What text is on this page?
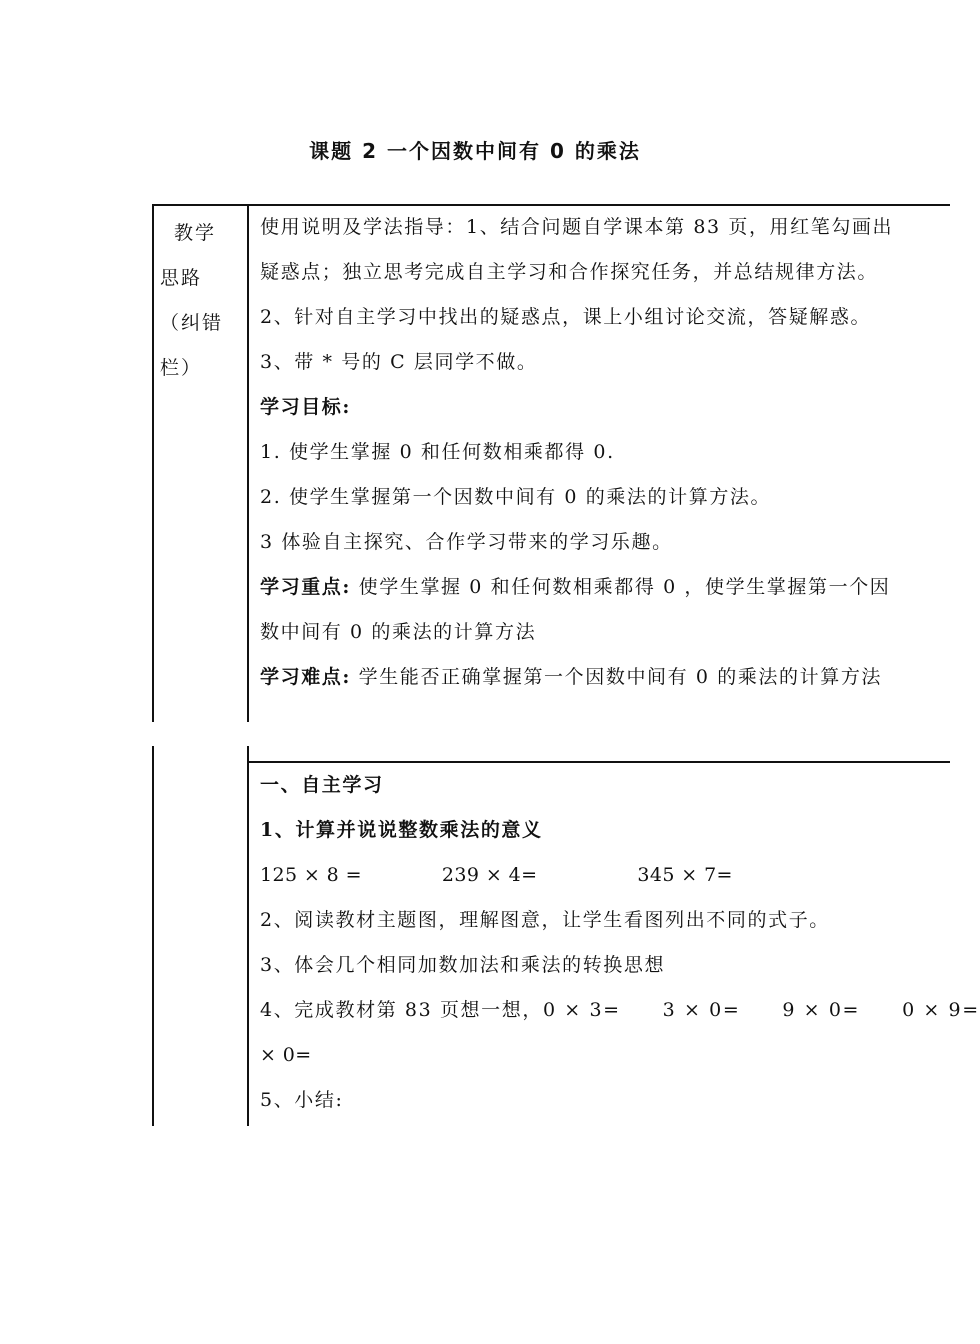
课题 2 一个因数中间有 0 的乘法
教学
思路
（纠错
栏）
使用说明及学法指导：1、结合问题自学课本第 83 页，用红笔勾画出
疑惑点；独立思考完成自主学习和合作探究任务，并总结规律方法。
2、针对自主学习中找出的疑惑点，课上小组讨论交流，答疑解惑。
3、带 * 号的 C 层同学不做。
学习目标:
1. 使学生掌握 0 和任何数相乘都得 0.
2. 使学生掌握第一个因数中间有 0 的乘法的计算方法。
3 体验自主探究、合作学习带来的学习乐趣。
学习重点: 使学生掌握 0 和任何数相乘都得 0 ，使学生掌握第一个因
数中间有 0 的乘法的计算方法
学习难点: 学生能否正确掌握第一个因数中间有 0 的乘法的计算方法
一、自主学习
1、计算并说说整数乘法的意义
125 × 8 =	239 × 4=	345 × 7=
2、阅读教材主题图，理解图意，让学生看图列出不同的式子。
3、体会几个相同加数加法和乘法的转换思想
4、完成教材第 83 页想一想，0 × 3= 3 × 0= 9 × 0= 0 × 9=
× 0=
5、小结:
